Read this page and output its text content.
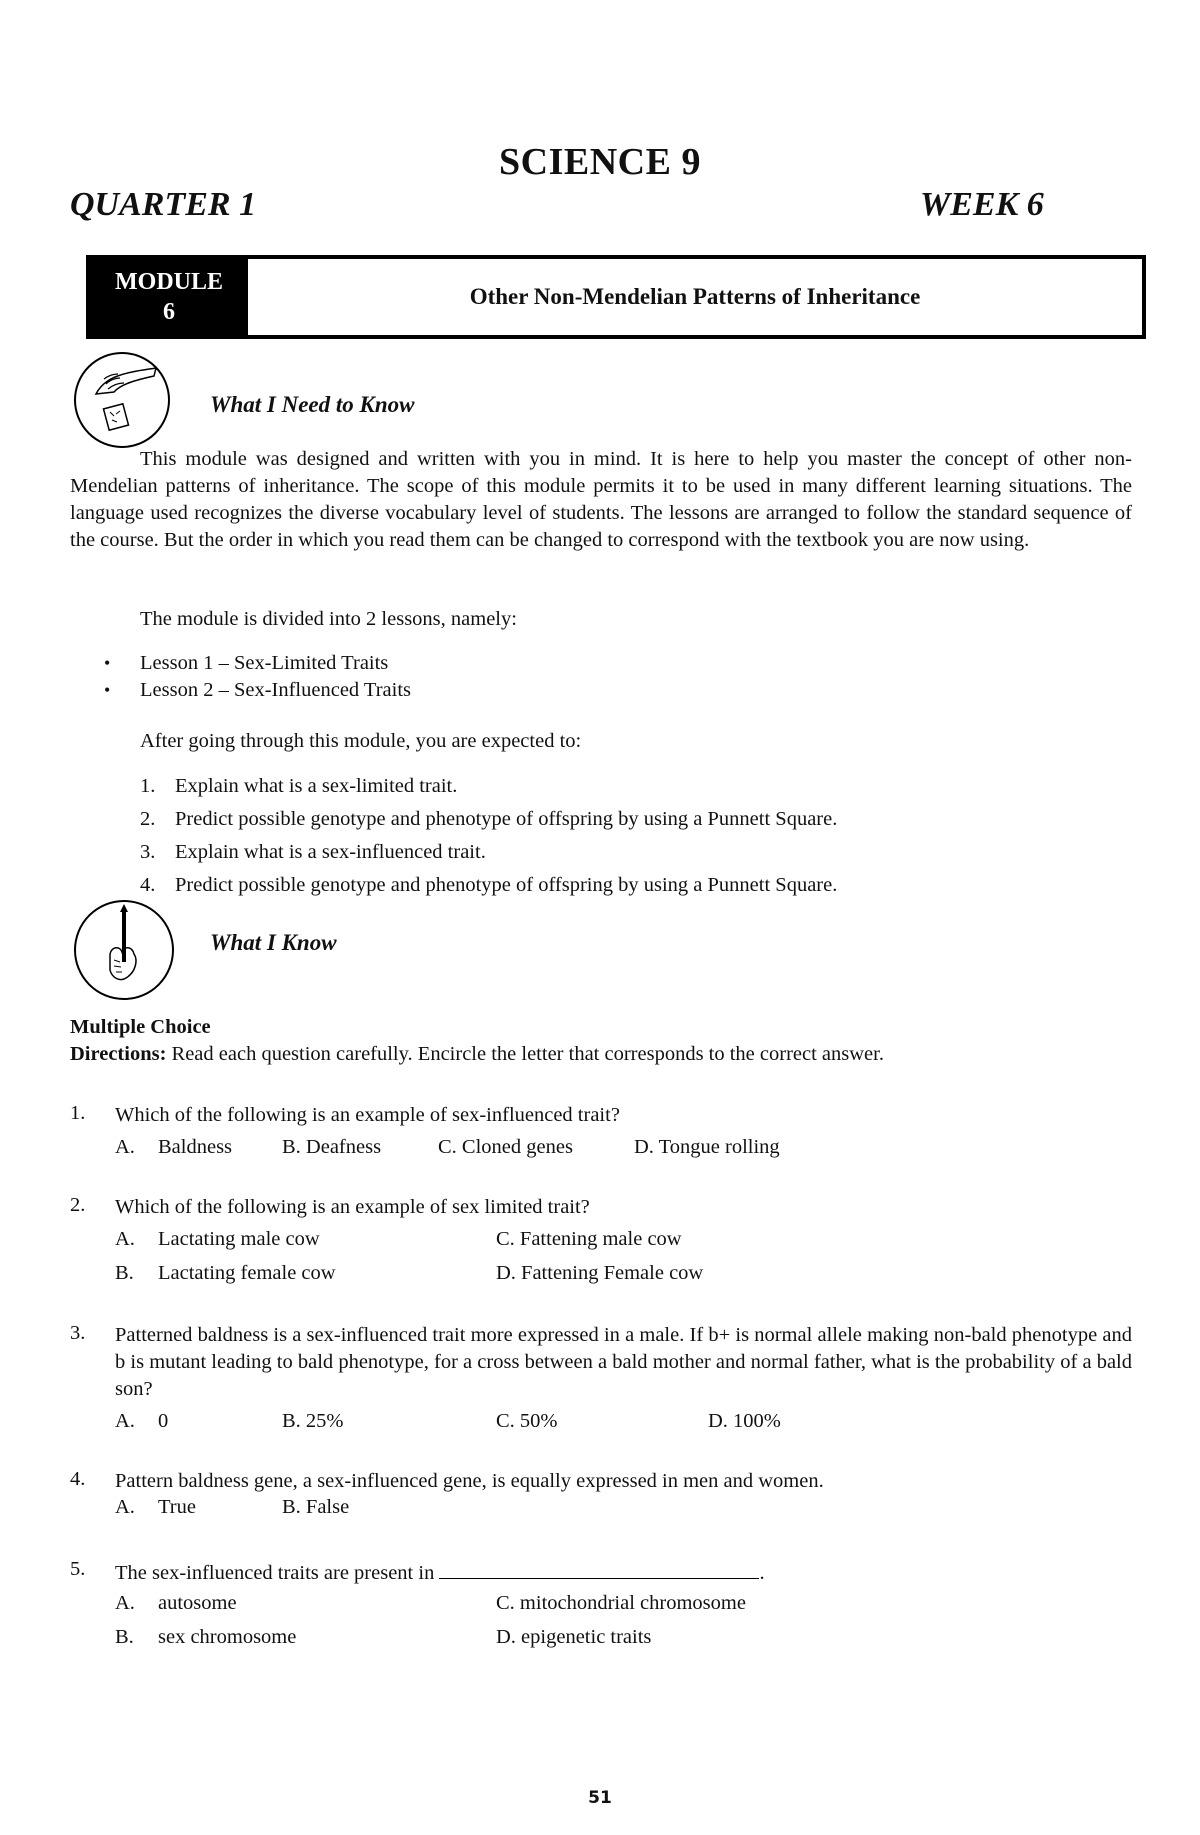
SCIENCE 9
QUARTER 1	WEEK 6
MODULE
6
Other Non-Mendelian Patterns of Inheritance
What I Need to Know
This module was designed and written with you in mind. It is here to help you master the concept of other non-Mendelian patterns of inheritance. The scope of this module permits it to be used in many different learning situations. The language used recognizes the diverse vocabulary level of students. The lessons are arranged to follow the standard sequence of the course. But the order in which you read them can be changed to correspond with the textbook you are now using.
The module is divided into 2 lessons, namely:
• Lesson 1 – Sex-Limited Traits
• Lesson 2 – Sex-Influenced Traits
After going through this module, you are expected to:
1. Explain what is a sex-limited trait.
2. Predict possible genotype and phenotype of offspring by using a Punnett Square.
3. Explain what is a sex-influenced trait.
4. Predict possible genotype and phenotype of offspring by using a Punnett Square.
What I Know
Multiple Choice
Directions: Read each question carefully. Encircle the letter that corresponds to the correct answer.
1. Which of the following is an example of sex-influenced trait?
A. Baldness B. Deafness	C. Cloned genes	D. Tongue rolling
2. Which of the following is an example of sex limited trait?
A. Lactating male cow	C. Fattening male cow
B. Lactating female cow	D. Fattening Female cow
3. Patterned baldness is a sex-influenced trait more expressed in a male. If b+ is normal allele making non-bald phenotype and b is mutant leading to bald phenotype, for a cross between a bald mother and normal father, what is the probability of a bald son?
A. 0	B. 25%	C. 50%	D. 100%
4. Pattern baldness gene, a sex-influenced gene, is equally expressed in men and women.
A. True	B. False
5. The sex-influenced traits are present in	.
A. autosome	C. mitochondrial chromosome
B. sex chromosome	D. epigenetic traits
51
